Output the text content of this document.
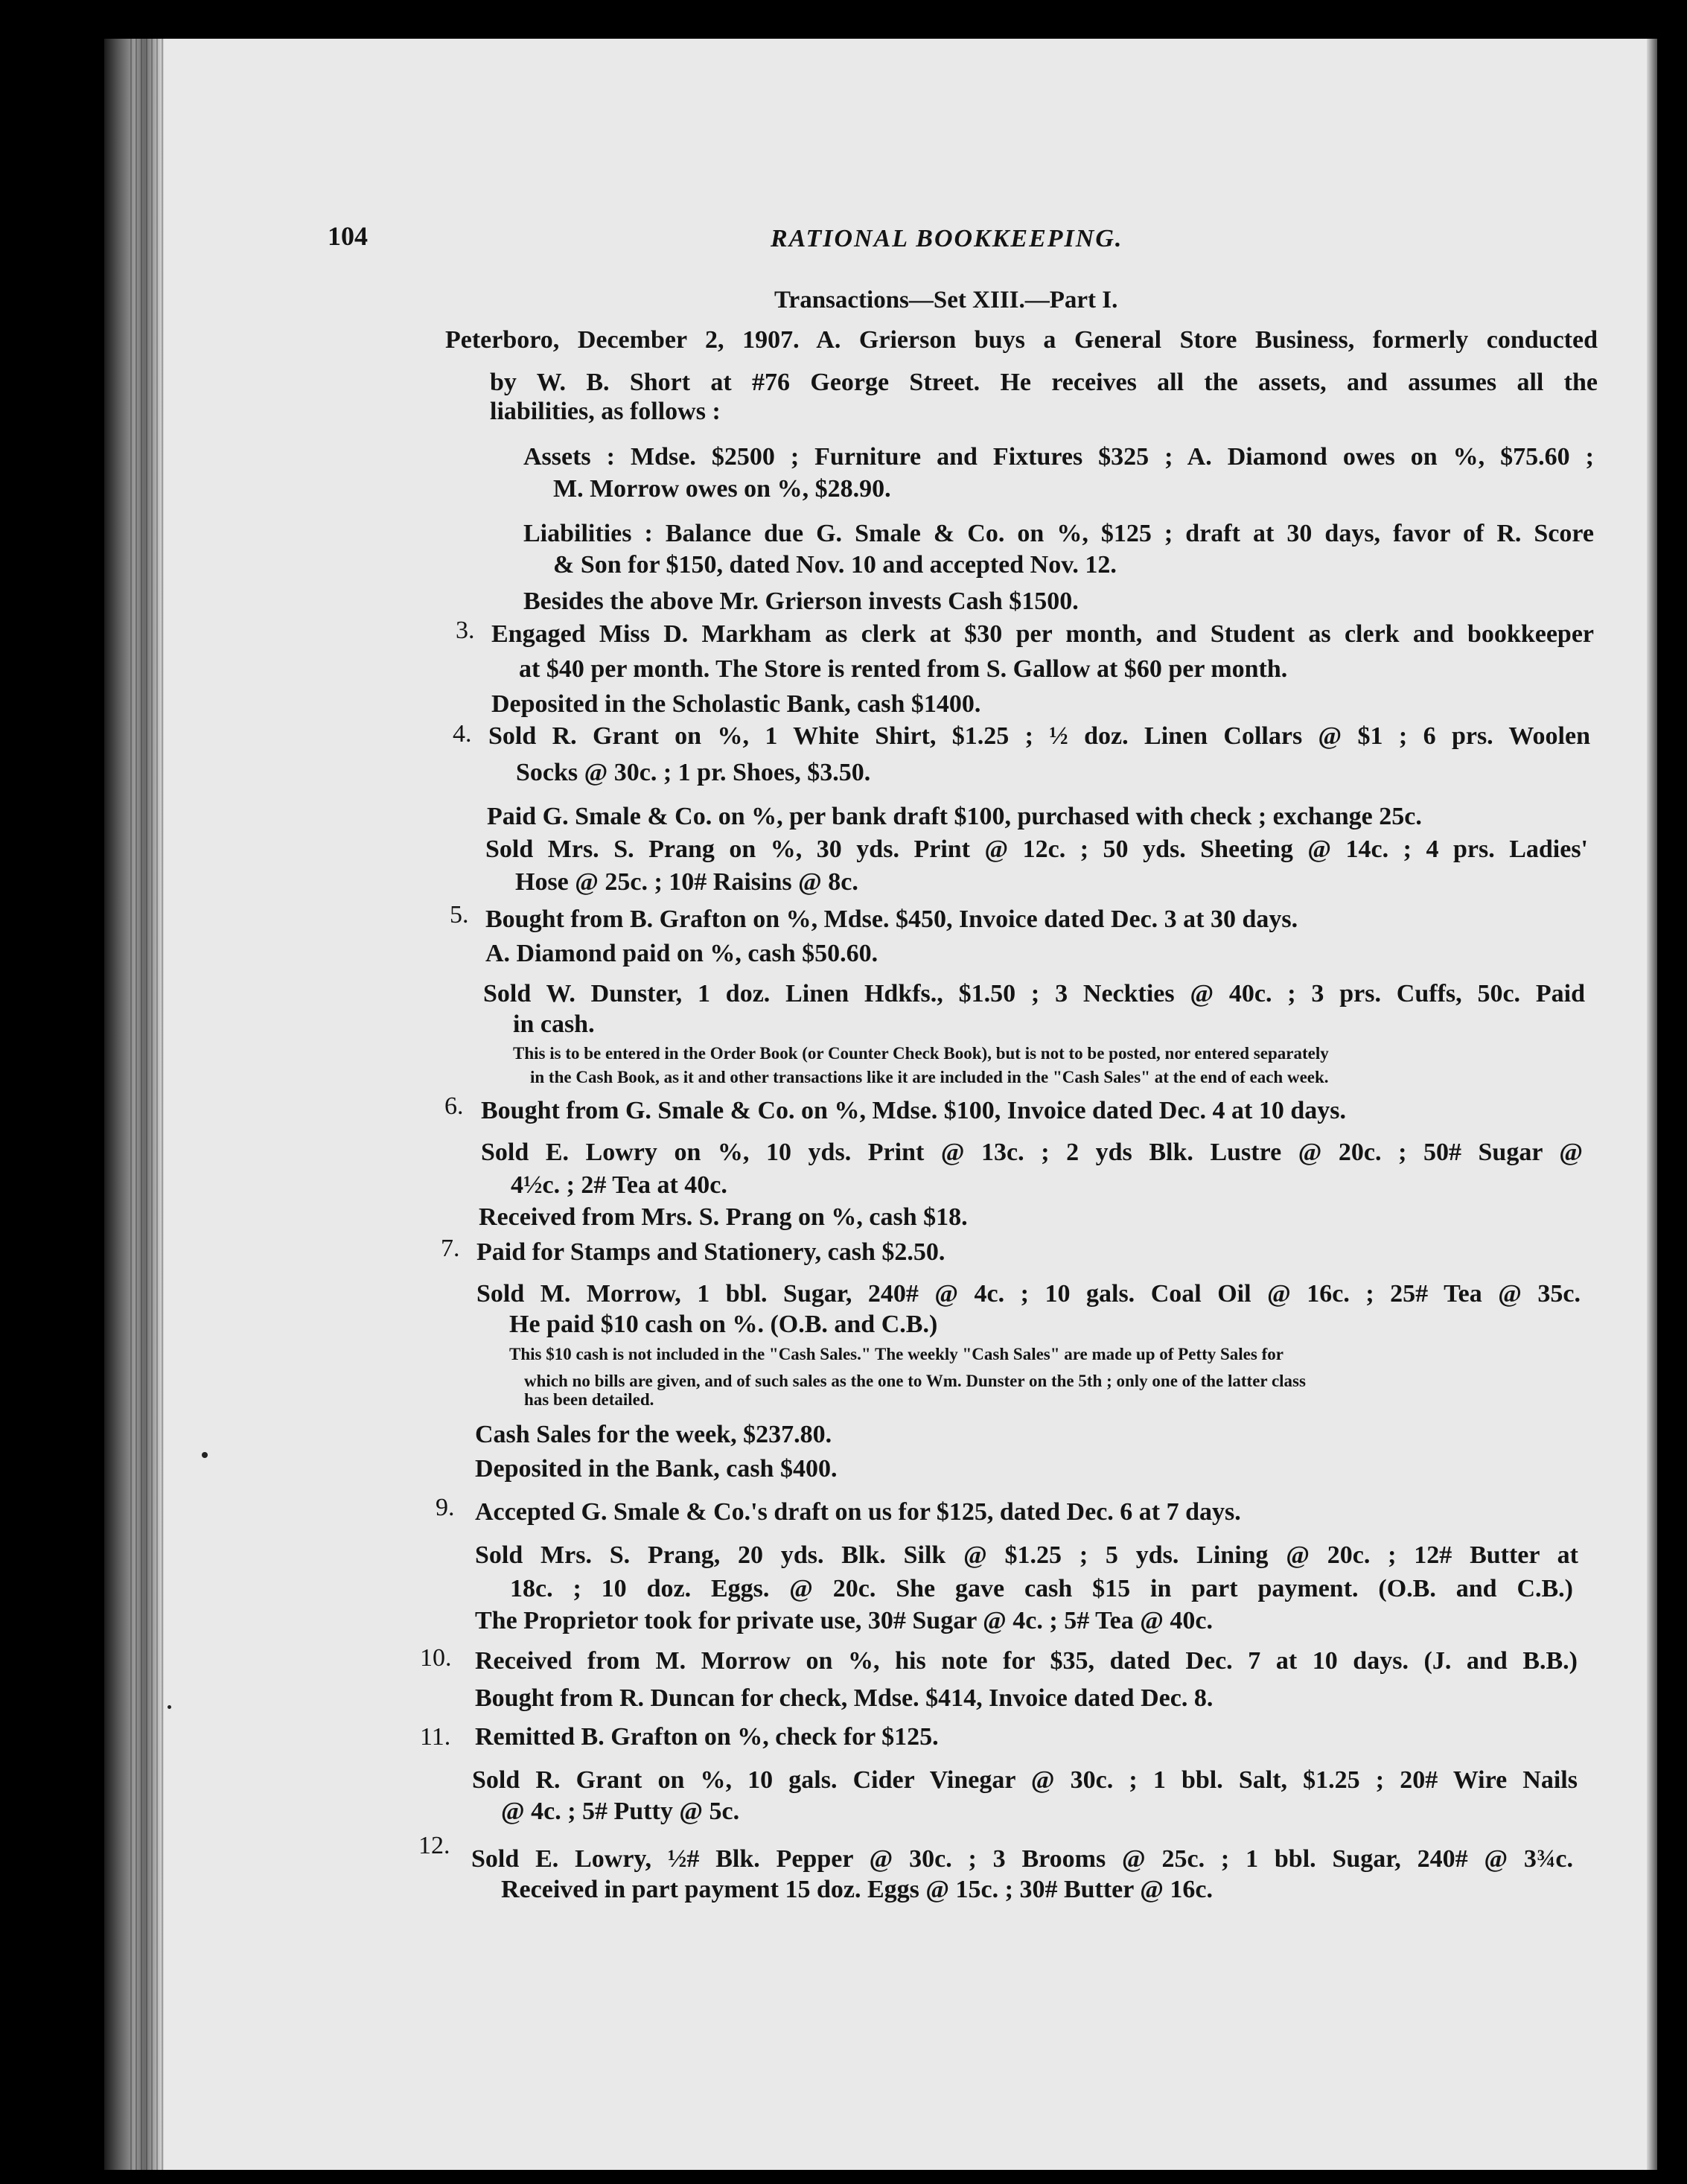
104	RATIONAL BOOKKEEPING.
Transactions—Set XIII.—Part I.
Peterboro, December 2, 1907. A. Grierson buys a General Store Business, formerly conducted
by W. B. Short at #76 George Street. He receives all the assets, and assumes all the
liabilities, as follows :
Assets : Mdse. $2500 ; Furniture and Fixtures $325 ; A. Diamond owes on %, $75.60 ;
M. Morrow owes on %, $28.90.
Liabilities : Balance due G. Smale & Co. on %, $125 ; draft at 30 days, favor of R. Score
& Son for $150, dated Nov. 10 and accepted Nov. 12.
Besides the above Mr. Grierson invests Cash $1500.
3. Engaged Miss D. Markham as clerk at $30 per month, and Student as clerk and bookkeeper
at $40 per month. The Store is rented from S. Gallow at $60 per month.
Deposited in the Scholastic Bank, cash $1400.
4. Sold R. Grant on %, 1 White Shirt, $1.25 ; ½ doz. Linen Collars @ $1 ; 6 prs. Woolen
Socks @ 30c. ; 1 pr. Shoes, $3.50.
Paid G. Smale & Co. on %, per bank draft $100, purchased with check ; exchange 25c.
Sold Mrs. S. Prang on %, 30 yds. Print @ 12c. ; 50 yds. Sheeting @ 14c. ; 4 prs. Ladies'
Hose @ 25c. ; 10# Raisins @ 8c.
5. Bought from B. Grafton on %, Mdse. $450, Invoice dated Dec. 3 at 30 days.
A. Diamond paid on %, cash $50.60.
Sold W. Dunster, 1 doz. Linen Hdkfs., $1.50 ; 3 Neckties @ 40c. ; 3 prs. Cuffs, 50c. Paid
in cash.
This is to be entered in the Order Book (or Counter Check Book), but is not to be posted, nor entered separately
in the Cash Book, as it and other transactions like it are included in the "Cash Sales" at the end of each week.
6. Bought from G. Smale & Co. on %, Mdse. $100, Invoice dated Dec. 4 at 10 days.
Sold E. Lowry on %, 10 yds. Print @ 13c. ; 2 yds Blk. Lustre @ 20c. ; 50# Sugar @
4½c. ; 2# Tea at 40c.
Received from Mrs. S. Prang on %, cash $18.
7. Paid for Stamps and Stationery, cash $2.50.
Sold M. Morrow, 1 bbl. Sugar, 240# @ 4c. ; 10 gals. Coal Oil @ 16c. ; 25# Tea @ 35c.
He paid $10 cash on %. (O.B. and C.B.)
This $10 cash is not included in the "Cash Sales." The weekly "Cash Sales" are made up of Petty Sales for
which no bills are given, and of such sales as the one to Wm. Dunster on the 5th ; only one of the latter class
has been detailed.
Cash Sales for the week, $237.80.
Deposited in the Bank, cash $400.
9. Accepted G. Smale & Co.'s draft on us for $125, dated Dec. 6 at 7 days.
Sold Mrs. S. Prang, 20 yds. Blk. Silk @ $1.25 ; 5 yds. Lining @ 20c. ; 12# Butter at
18c. ; 10 doz. Eggs. @ 20c. She gave cash $15 in part payment. (O.B. and C.B.)
The Proprietor took for private use, 30# Sugar @ 4c. ; 5# Tea @ 40c.
10. Received from M. Morrow on %, his note for $35, dated Dec. 7 at 10 days. (J. and B.B.)
Bought from R. Duncan for check, Mdse. $414, Invoice dated Dec. 8.
11. Remitted B. Grafton on %, check for $125.
Sold R. Grant on %, 10 gals. Cider Vinegar @ 30c. ; 1 bbl. Salt, $1.25 ; 20# Wire Nails
@ 4c. ; 5# Putty @ 5c.
12. Sold E. Lowry, ½# Blk. Pepper @ 30c. ; 3 Brooms @ 25c. ; 1 bbl. Sugar, 240# @ 3¾c.
Received in part payment 15 doz. Eggs @ 15c. ; 30# Butter @ 16c.
